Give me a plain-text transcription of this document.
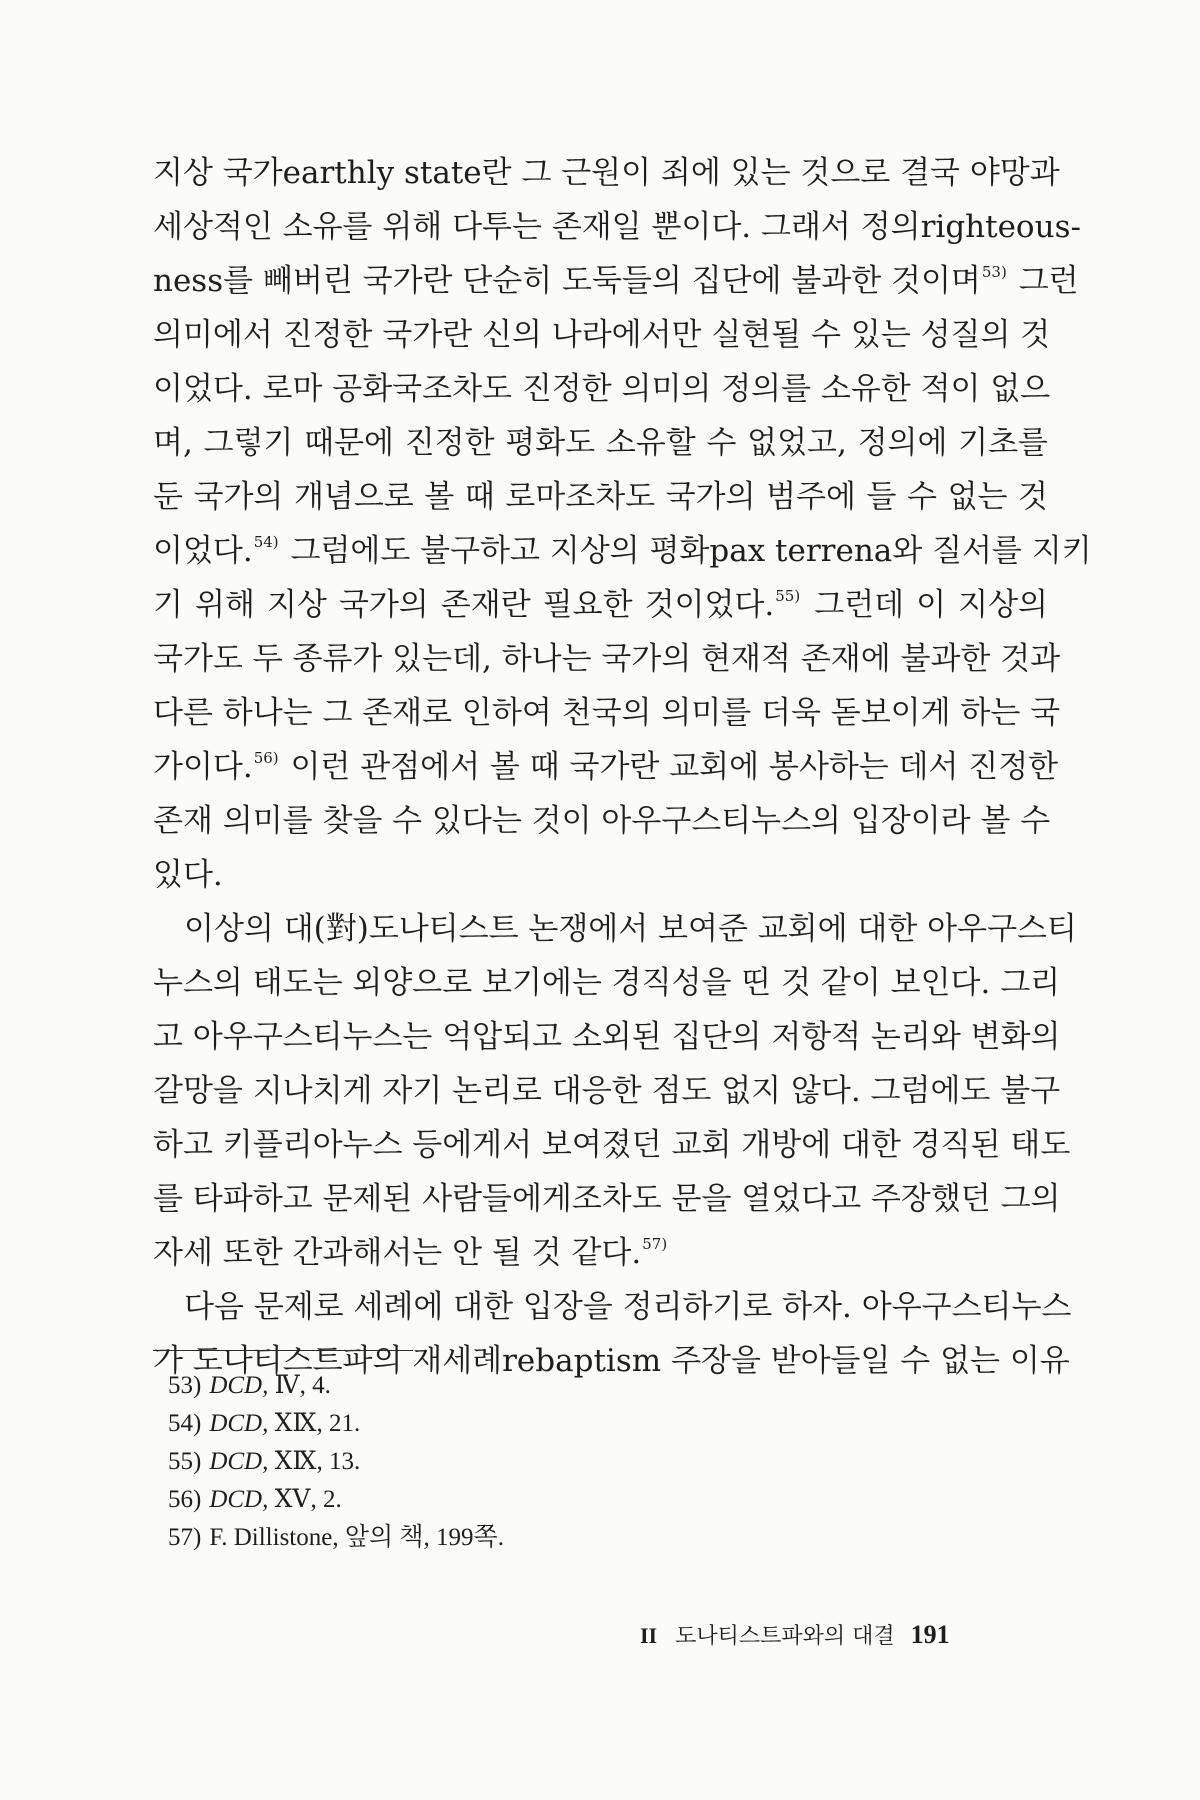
지상 국가earthly state란 그 근원이 죄에 있는 것으로 결국 야망과
세상적인 소유를 위해 다투는 존재일 뿐이다. 그래서 정의righteous-
ness를 빼버린 국가란 단순히 도둑들의 집단에 불과한 것이며$^{53)}$ 그런
의미에서 진정한 국가란 신의 나라에서만 실현될 수 있는 성질의 것
이었다. 로마 공화국조차도 진정한 의미의 정의를 소유한 적이 없으
며, 그렇기 때문에 진정한 평화도 소유할 수 없었고, 정의에 기초를
둔 국가의 개념으로 볼 때 로마조차도 국가의 범주에 들 수 없는 것
이었다.$^{54)}$ 그럼에도 불구하고 지상의 평화pax terrena와 질서를 지키
기 위해 지상 국가의 존재란 필요한 것이었다.$^{55)}$ 그런데 이 지상의
국가도 두 종류가 있는데, 하나는 국가의 현재적 존재에 불과한 것과
다른 하나는 그 존재로 인하여 천국의 의미를 더욱 돋보이게 하는 국
가이다.$^{56)}$ 이런 관점에서 볼 때 국가란 교회에 봉사하는 데서 진정한
존재 의미를 찾을 수 있다는 것이 아우구스티누스의 입장이라 볼 수
있다.
이상의 대(對)도나티스트 논쟁에서 보여준 교회에 대한 아우구스티
누스의 태도는 외양으로 보기에는 경직성을 띤 것 같이 보인다. 그리
고 아우구스티누스는 억압되고 소외된 집단의 저항적 논리와 변화의
갈망을 지나치게 자기 논리로 대응한 점도 없지 않다. 그럼에도 불구
하고 키플리아누스 등에게서 보여졌던 교회 개방에 대한 경직된 태도
를 타파하고 문제된 사람들에게조차도 문을 열었다고 주장했던 그의
자세 또한 간과해서는 안 될 것 같다.$^{57)}$
다음 문제로 세례에 대한 입장을 정리하기로 하자. 아우구스티누스
가 도나티스트파의 재세례rebaptism 주장을 받아들일 수 없는 이유
53) DCD, Ⅳ, 4.
54) DCD, ⅩⅨ, 21.
55) DCD, ⅩⅨ, 13.
56) DCD, ⅩⅤ, 2.
57) F. Dillistone, 앞의 책, 199쪽.
II 도나티스트파와의 대결 191
